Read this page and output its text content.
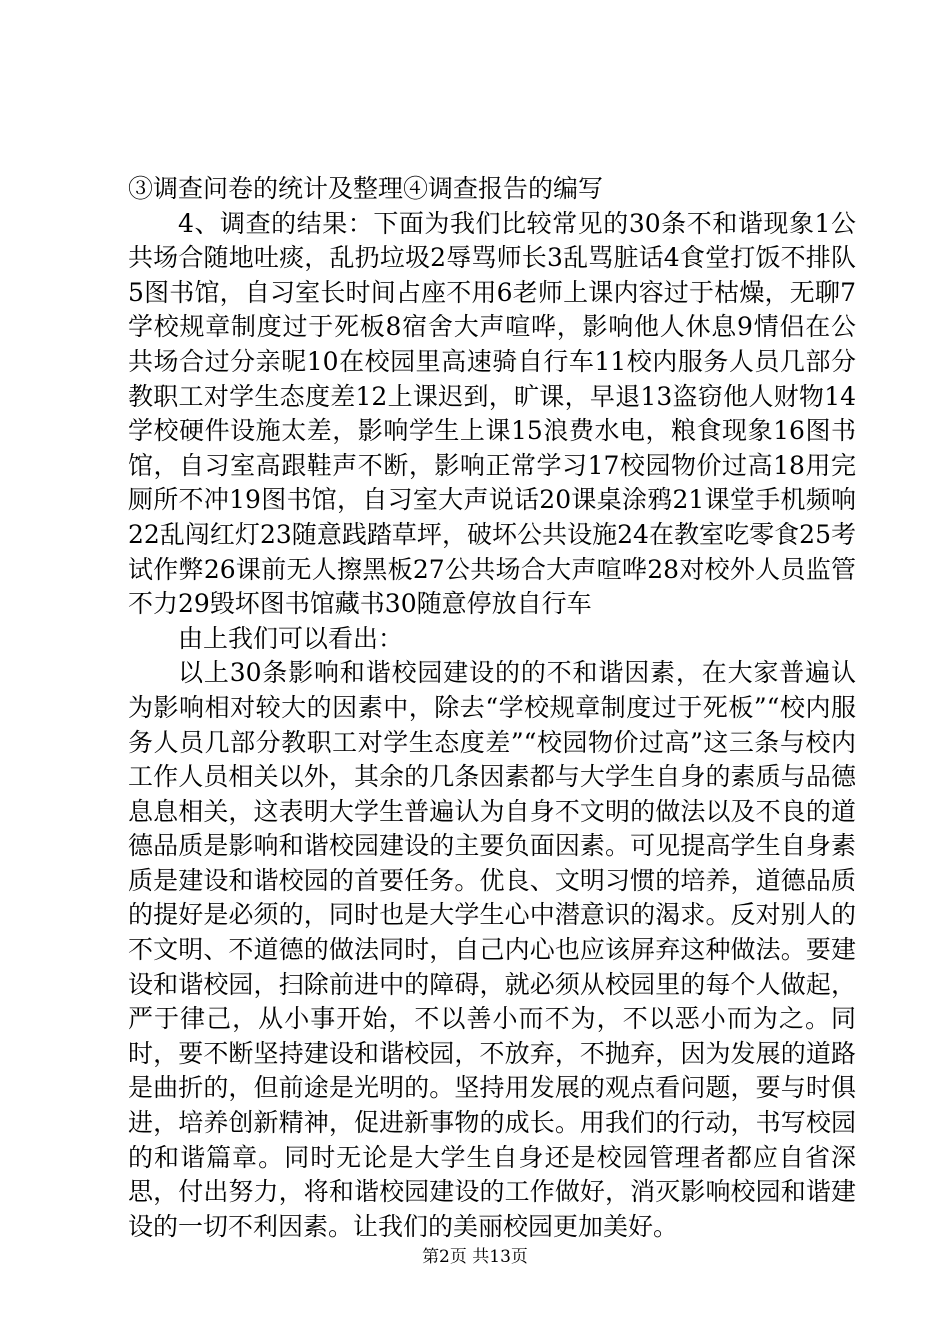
③调查问卷的统计及整理④调查报告的编写

4、调查的结果：下面为我们比较常见的30条不和谐现象1公共场合随地吐痰，乱扔垃圾2辱骂师长3乱骂脏话4食堂打饭不排队5图书馆，自习室长时间占座不用6老师上课内容过于枯燥，无聊7学校规章制度过于死板8宿舍大声喧哗，影响他人休息9情侣在公共场合过分亲昵10在校园里高速骑自行车11校内服务人员几部分教职工对学生态度差12上课迟到，旷课，早退13盗窃他人财物14学校硬件设施太差，影响学生上课15浪费水电，粮食现象16图书馆，自习室高跟鞋声不断，影响正常学习17校园物价过高18用完厕所不冲19图书馆，自习室大声说话20课桌涂鸦21课堂手机频响22乱闯红灯23随意践踏草坪，破坏公共设施24在教室吃零食25考试作弊26课前无人擦黑板27公共场合大声喧哗28对校外人员监管不力29毁坏图书馆藏书30随意停放自行车

由上我们可以看出：

以上30条影响和谐校园建设的的不和谐因素，在大家普遍认为影响相对较大的因素中，除去“学校规章制度过于死板”“校内服务人员几部分教职工对学生态度差”“校园物价过高”这三条与校内工作人员相关以外，其余的几条因素都与大学生自身的素质与品德息息相关，这表明大学生普遍认为自身不文明的做法以及不良的道德品质是影响和谐校园建设的主要负面因素。可见提高学生自身素质是建设和谐校园的首要任务。优良、文明习惯的培养，道德品质的提好是必须的，同时也是大学生心中潜意识的渴求。反对别人的不文明、不道德的做法同时，自己内心也应该屏弃这种做法。要建设和谐校园，扫除前进中的障碍，就必须从校园里的每个人做起，严于律己，从小事开始，不以善小而不为，不以恶小而为之。同时，要不断坚持建设和谐校园，不放弃，不抛弃，因为发展的道路是曲折的，但前途是光明的。坚持用发展的观点看问题，要与时俱进，培养创新精神，促进新事物的成长。用我们的行动，书写校园的和谐篇章。同时无论是大学生自身还是校园管理者都应自省深思，付出努力，将和谐校园建设的工作做好，消灭影响校园和谐建设的一切不利因素。让我们的美丽校园更加美好。

第2页 共13页
